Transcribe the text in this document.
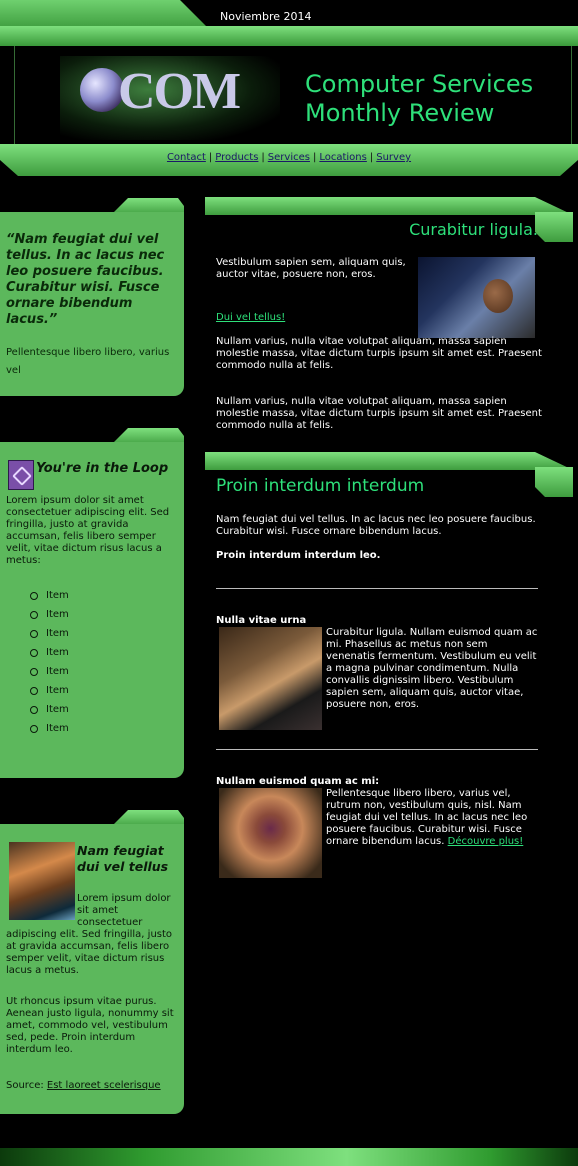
Noviembre 2014
COM	Computer Services
Monthly Review
Contact | Products | Services | Locations | Survey
“Nam feugiat dui vel tellus. In ac lacus nec leo posuere faucibus. Curabitur wisi. Fusce ornare bibendum lacus.”
Pellentesque libero libero, varius vel
You're in the Loop
Lorem ipsum dolor sit amet consectetuer adipiscing elit. Sed fringilla, justo at gravida accumsan, felis libero semper velit, vitae dictum risus lacus a metus:
Item
Item
Item
Item
Item
Item
Item
Item
Nam feugiat dui vel tellus
Lorem ipsum dolor sit amet consectetuer
adipiscing elit. Sed fringilla, justo at gravida accumsan, felis libero semper velit, vitae dictum risus lacus a metus.
Ut rhoncus ipsum vitae purus. Aenean justo ligula, nonummy sit amet, commodo vel, vestibulum sed, pede. Proin interdum interdum leo.
Source: Est laoreet scelerisque
Curabitur ligula.
Vestibulum sapien sem, aliquam quis, auctor vitae, posuere non, eros.
Dui vel tellus!
Nullam varius, nulla vitae volutpat aliquam, massa sapien molestie massa, vitae dictum turpis ipsum sit amet est. Praesent commodo nulla at felis.
Nullam varius, nulla vitae volutpat aliquam, massa sapien molestie massa, vitae dictum turpis ipsum sit amet est. Praesent commodo nulla at felis.
Proin interdum interdum
Nam feugiat dui vel tellus. In ac lacus nec leo posuere faucibus. Curabitur wisi. Fusce ornare bibendum lacus.
Proin interdum interdum leo.
Nulla vitae urna
Curabitur ligula. Nullam euismod quam ac mi. Phasellus ac metus non sem venenatis fermentum. Vestibulum eu velit a magna pulvinar condimentum. Nulla convallis dignissim libero. Vestibulum sapien sem, aliquam quis, auctor vitae, posuere non, eros.
Nullam euismod quam ac mi:
Pellentesque libero libero, varius vel, rutrum non, vestibulum quis, nisl. Nam feugiat dui vel tellus. In ac lacus nec leo posuere faucibus. Curabitur wisi. Fusce ornare bibendum lacus. Découvre plus!
